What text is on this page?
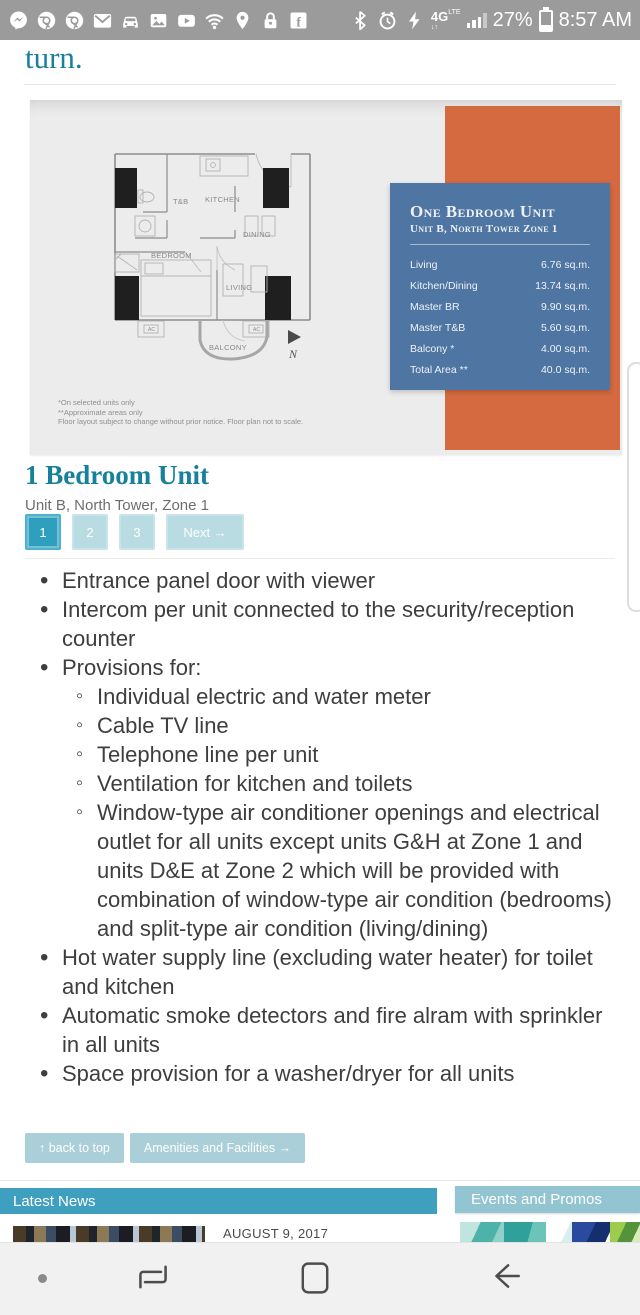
f	$4G^{LTE}$
↓↑	27% 8:57 AM
turn.
T&B KITCHEN
DINING
BEDROOM
LIVING
BALCONY
AC	AC
N
*On selected units only
**Approximate areas only
Floor layout subject to change without prior notice. Floor plan not to scale.
One Bedroom Unit
Unit B, North Tower Zone 1
Living	6.76 sq.m.
Kitchen/Dining	13.74 sq.m.
Master BR	9.90 sq.m.
Master T&B	5.60 sq.m.
Balcony *	4.00 sq.m.
Total Area **	40.0 sq.m.
1 Bedroom Unit
Unit B, North Tower, Zone 1
1	2	3	Next →
• Entrance panel door with viewer
• Intercom per unit connected to the security/reception counter
• Provisions for:
◦ Individual electric and water meter
◦ Cable TV line
◦ Telephone line per unit
◦ Ventilation for kitchen and toilets
◦ Window-type air conditioner openings and electrical outlet for all units except units G&H at Zone 1 and units D&E at Zone 2 which will be provided with combination of window-type air condition (bedrooms) and split-type air condition (living/dining)
• Hot water supply line (excluding water heater) for toilet and kitchen
• Automatic smoke detectors and fire alram with sprinkler in all units
• Space provision for a washer/dryer for all units
↑ back to top	Amenities and Facilities →
Latest News	Events and Promos
AUGUST 9, 2017
